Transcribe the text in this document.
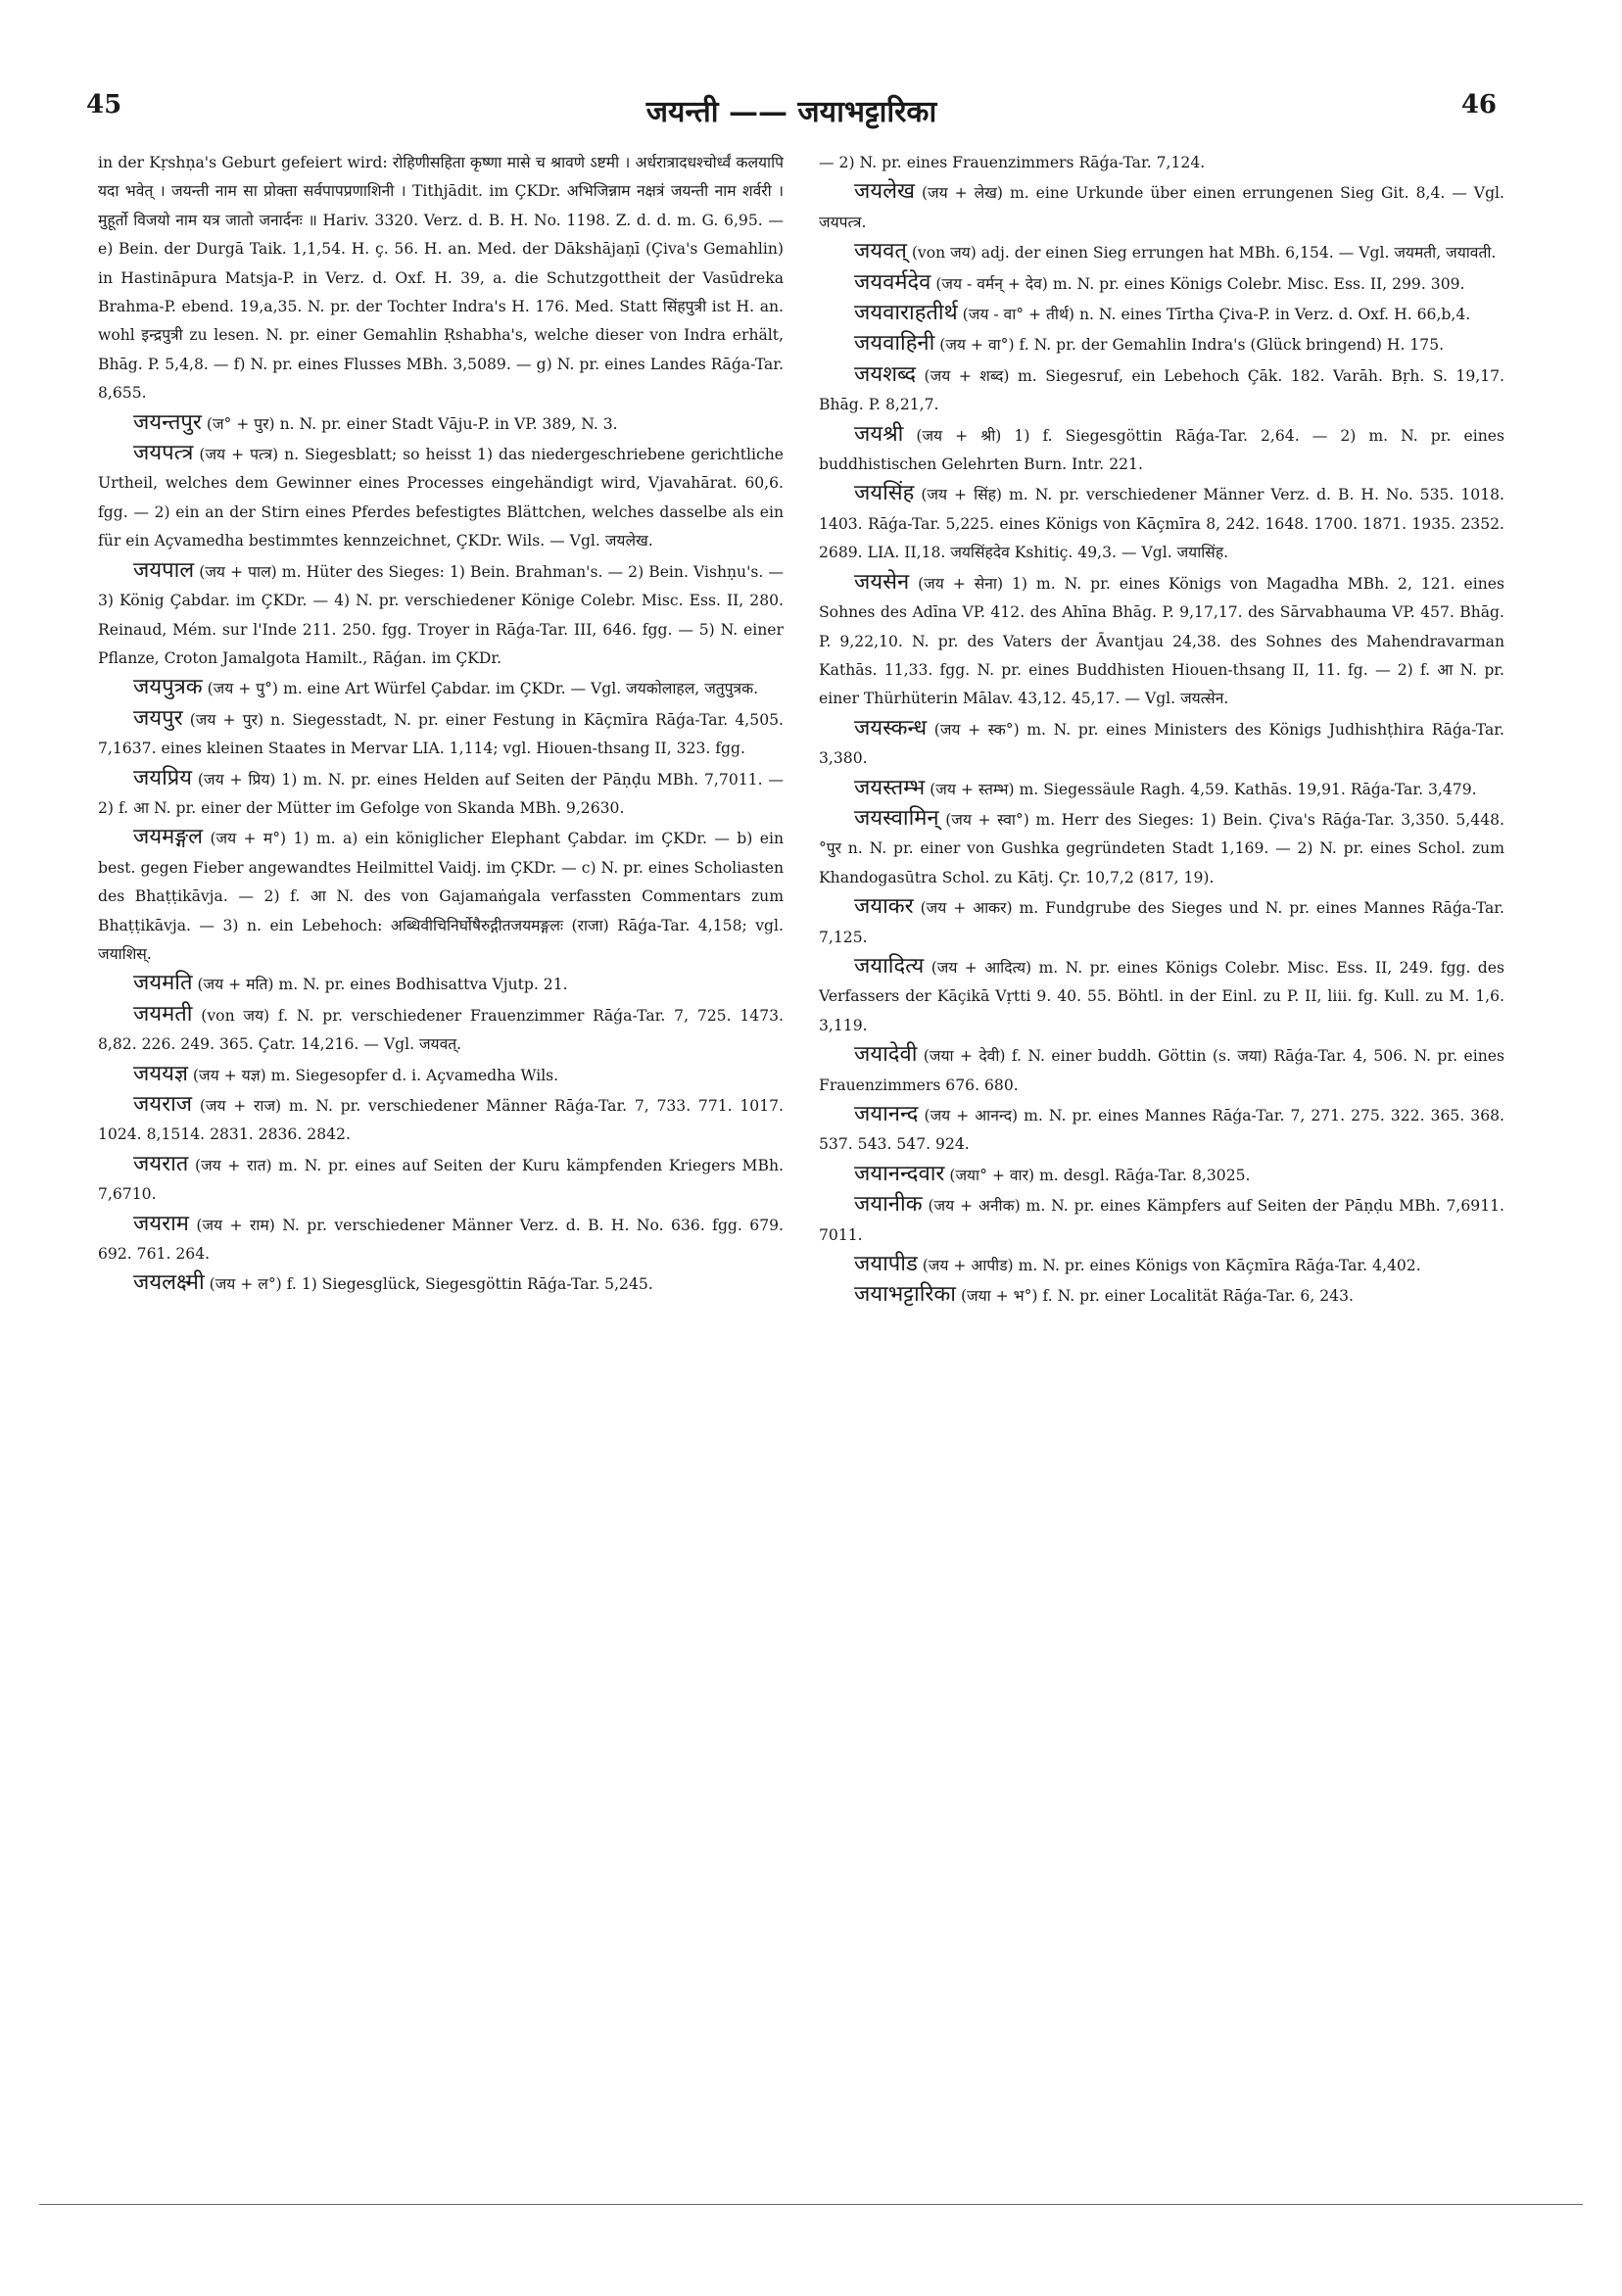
45	जयन्ती —— जयाभट्टारिका	46

in der Kṛshṇa's Geburt gefeiert wird: रोहिणीसहिता कृष्णा मासे च श्रावणे ऽष्टमी । अर्धरात्रादधश्चोर्ध्वं कलयापि यदा भवेत् । जयन्ती नाम सा प्रोक्ता सर्वपापप्रणाशिनी । Tithjādit. im ÇKDr. अभिजिन्नाम नक्षत्रं जयन्ती नाम शर्वरी । मुहूर्तो विजयो नाम यत्र जातो जनार्दनः ॥ Hariv. 3320. Verz. d. B. H. No. 1198. Z. d. d. m. G. 6,95. — e) Bein. der Durgā Taik. 1,1,54. H. ç. 56. H. an. Med. der Dākshājaṇī (Çiva's Gemahlin) in Hastināpura Matsja-P. in Verz. d. Oxf. H. 39, a. die Schutzgottheit der Vasūdreka Brahma-P. ebend. 19,a,35. N. pr. der Tochter Indra's H. 176. Med. Statt सिंहपुत्री ist H. an. wohl इन्द्रपुत्री zu lesen. N. pr. einer Gemahlin Ṛshabha's, welche dieser von Indra erhält, Bhāg. P. 5,4,8. — f) N. pr. eines Flusses MBh. 3,5089. — g) N. pr. eines Landes Rāǵa-Tar. 8,655.

जयन्तपुर (ज° + पुर) n. N. pr. einer Stadt Vāju-P. in VP. 389, N. 3.

जयपत्त्र (जय + पत्त्र) n. Siegesblatt; so heisst 1) das niedergeschriebene gerichtliche Urtheil, welches dem Gewinner eines Processes eingehändigt wird, Vjavahārat. 60,6. fgg. — 2) ein an der Stirn eines Pferdes befestigtes Blättchen, welches dasselbe als ein für ein Açvamedha bestimmtes kennzeichnet, ÇKDr. Wils. — Vgl. जयलेख.

जयपाल (जय + पाल) m. Hüter des Sieges: 1) Bein. Brahman's. — 2) Bein. Vishṇu's. — 3) König Çabdar. im ÇKDr. — 4) N. pr. verschiedener Könige Colebr. Misc. Ess. II, 280. Reinaud, Mém. sur l'Inde 211. 250. fgg. Troyer in Rāǵa-Tar. III, 646. fgg. — 5) N. einer Pflanze, Croton Jamalgota Hamilt., Rāǵan. im ÇKDr.

जयपुत्रक (जय + पु°) m. eine Art Würfel Çabdar. im ÇKDr. — Vgl. जयकोलाहल, जतुपुत्रक.

जयपुर (जय + पुर) n. Siegesstadt, N. pr. einer Festung in Kāçmīra Rāǵa-Tar. 4,505. 7,1637. eines kleinen Staates in Mervar LIA. 1,114; vgl. Hiouen-thsang II, 323. fgg.

जयप्रिय (जय + प्रिय) 1) m. N. pr. eines Helden auf Seiten der Pāṇḍu MBh. 7,7011. — 2) f. आ N. pr. einer der Mütter im Gefolge von Skanda MBh. 9,2630.

जयमङ्गल (जय + म°) 1) m. a) ein königlicher Elephant Çabdar. im ÇKDr. — b) ein best. gegen Fieber angewandtes Heilmittel Vaidj. im ÇKDr. — c) N. pr. eines Scholiasten des Bhaṭṭikāvja. — 2) f. आ N. des von Gajamaṅgala verfassten Commentars zum Bhaṭṭikāvja. — 3) n. ein Lebehoch: अब्धिवीचिनिर्घोषैरुद्गीतजयमङ्गलः (राजा) Rāǵa-Tar. 4,158; vgl. जयाशिस्.

जयमति (जय + मति) m. N. pr. eines Bodhisattva Vjutp. 21.

जयमती (von जय) f. N. pr. verschiedener Frauenzimmer Rāǵa-Tar. 7, 725. 1473. 8,82. 226. 249. 365. Çatr. 14,216. — Vgl. जयवत्.

जययज्ञ (जय + यज्ञ) m. Siegesopfer d. i. Açvamedha Wils.

जयराज (जय + राज) m. N. pr. verschiedener Männer Rāǵa-Tar. 7, 733. 771. 1017. 1024. 8,1514. 2831. 2836. 2842.

जयरात (जय + रात) m. N. pr. eines auf Seiten der Kuru kämpfenden Kriegers MBh. 7,6710.

जयराम (जय + राम) N. pr. verschiedener Männer Verz. d. B. H. No. 636. fgg. 679. 692. 761. 264.

जयलक्ष्मी (जय + ल°) f. 1) Siegesglück, Siegesgöttin Rāǵa-Tar. 5,245.

— 2) N. pr. eines Frauenzimmers Rāǵa-Tar. 7,124.

जयलेख (जय + लेख) m. eine Urkunde über einen errungenen Sieg Git. 8,4. — Vgl. जयपत्त्र.

जयवत् (von जय) adj. der einen Sieg errungen hat MBh. 6,154. — Vgl. जयमती, जयावती.

जयवर्मदेव (जय - वर्मन् + देव) m. N. pr. eines Königs Colebr. Misc. Ess. II, 299. 309.

जयवाराहतीर्थ (जय - वा° + तीर्थ) n. N. eines Tīrtha Çiva-P. in Verz. d. Oxf. H. 66,b,4.

जयवाहिनी (जय + वा°) f. N. pr. der Gemahlin Indra's (Glück bringend) H. 175.

जयशब्द (जय + शब्द) m. Siegesruf, ein Lebehoch Çāk. 182. Varāh. Bṛh. S. 19,17. Bhāg. P. 8,21,7.

जयश्री (जय + श्री) 1) f. Siegesgöttin Rāǵa-Tar. 2,64. — 2) m. N. pr. eines buddhistischen Gelehrten Burn. Intr. 221.

जयसिंह (जय + सिंह) m. N. pr. verschiedener Männer Verz. d. B. H. No. 535. 1018. 1403. Rāǵa-Tar. 5,225. eines Königs von Kāçmīra 8, 242. 1648. 1700. 1871. 1935. 2352. 2689. LIA. II,18. जयसिंहदेव Kshitiç. 49,3. — Vgl. जयासिंह.

जयसेन (जय + सेना) 1) m. N. pr. eines Königs von Magadha MBh. 2, 121. eines Sohnes des Adīna VP. 412. des Ahīna Bhāg. P. 9,17,17. des Sārvabhauma VP. 457. Bhāg. P. 9,22,10. N. pr. des Vaters der Āvantjau 24,38. des Sohnes des Mahendravarman Kathās. 11,33. fgg. N. pr. eines Buddhisten Hiouen-thsang II, 11. fg. — 2) f. आ N. pr. einer Thürhüterin Mālav. 43,12. 45,17. — Vgl. जयत्सेन.

जयस्कन्ध (जय + स्क°) m. N. pr. eines Ministers des Königs Judhishṭhira Rāǵa-Tar. 3,380.

जयस्तम्भ (जय + स्तम्भ) m. Siegessäule Ragh. 4,59. Kathās. 19,91. Rāǵa-Tar. 3,479.

जयस्वामिन् (जय + स्वा°) m. Herr des Sieges: 1) Bein. Çiva's Rāǵa-Tar. 3,350. 5,448. °पुर n. N. pr. einer von Gushka gegründeten Stadt 1,169. — 2) N. pr. eines Schol. zum Khandogasūtra Schol. zu Kātj. Çr. 10,7,2 (817, 19).

जयाकर (जय + आकर) m. Fundgrube des Sieges und N. pr. eines Mannes Rāǵa-Tar. 7,125.

जयादित्य (जय + आदित्य) m. N. pr. eines Königs Colebr. Misc. Ess. II, 249. fgg. des Verfassers der Kāçikā Vṛtti 9. 40. 55. Böhtl. in der Einl. zu P. II, liii. fg. Kull. zu M. 1,6. 3,119.

जयादेवी (जया + देवी) f. N. einer buddh. Göttin (s. जया) Rāǵa-Tar. 4, 506. N. pr. eines Frauenzimmers 676. 680.

जयानन्द (जय + आनन्द) m. N. pr. eines Mannes Rāǵa-Tar. 7, 271. 275. 322. 365. 368. 537. 543. 547. 924.

जयानन्दवार (जया° + वार) m. desgl. Rāǵa-Tar. 8,3025.

जयानीक (जय + अनीक) m. N. pr. eines Kämpfers auf Seiten der Pāṇḍu MBh. 7,6911. 7011.

जयापीड (जय + आपीड) m. N. pr. eines Königs von Kāçmīra Rāǵa-Tar. 4,402.

जयाभट्टारिका (जया + भ°) f. N. pr. einer Localität Rāǵa-Tar. 6, 243.
